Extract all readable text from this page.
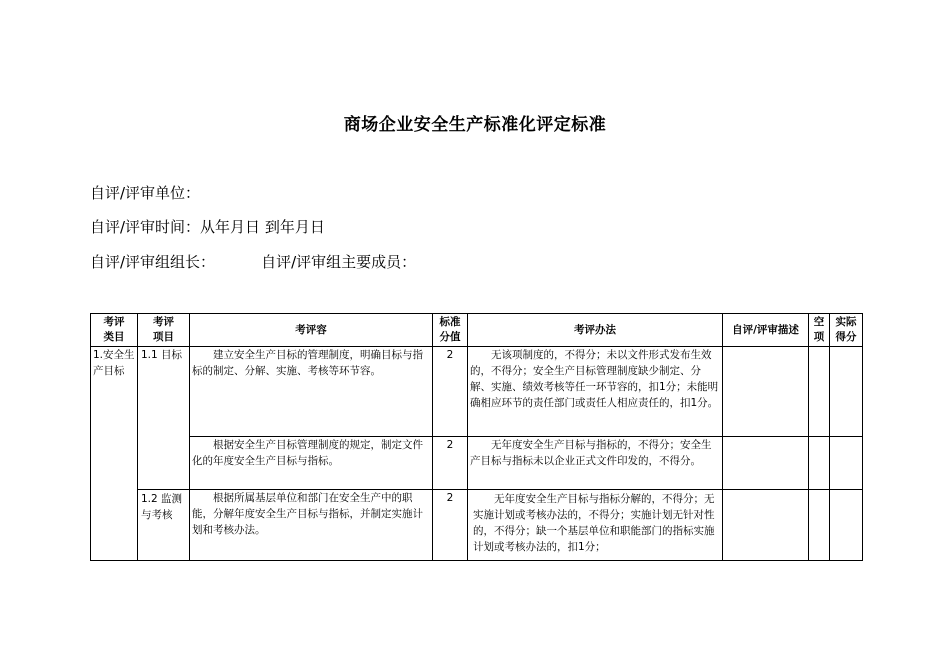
商场企业安全生产标准化评定标准
自评/评审单位：
自评/评审时间：从年月日 到年月日
自评/评审组组长：	自评/评审组主要成员：
考评类目	考评项目	考评容	标准分值	考评办法	自评/评审描述	空项	实际得分
1.安全生产目标	1.1 目标	建立安全生产目标的管理制度，明确目标与指标的制定、分解、实施、考核等环节容。	2	无该项制度的，不得分；未以文件形式发布生效的，不得分；安全生产目标管理制度缺少制定、分解、实施、绩效考核等任一环节容的，扣1分；未能明确相应环节的责任部门或责任人相应责任的，扣1分。			
		根据安全生产目标管理制度的规定，制定文件化的年度安全生产目标与指标。	2	无年度安全生产目标与指标的，不得分；安全生产目标与指标未以企业正式文件印发的，不得分。			
	1.2 监测与考核	根据所属基层单位和部门在安全生产中的职能，分解年度安全生产目标与指标，并制定实施计划和考核办法。	2	无年度安全生产目标与指标分解的，不得分；无实施计划或考核办法的，不得分；实施计划无针对性的，不得分；缺一个基层单位和职能部门的指标实施计划或考核办法的，扣1分；			
